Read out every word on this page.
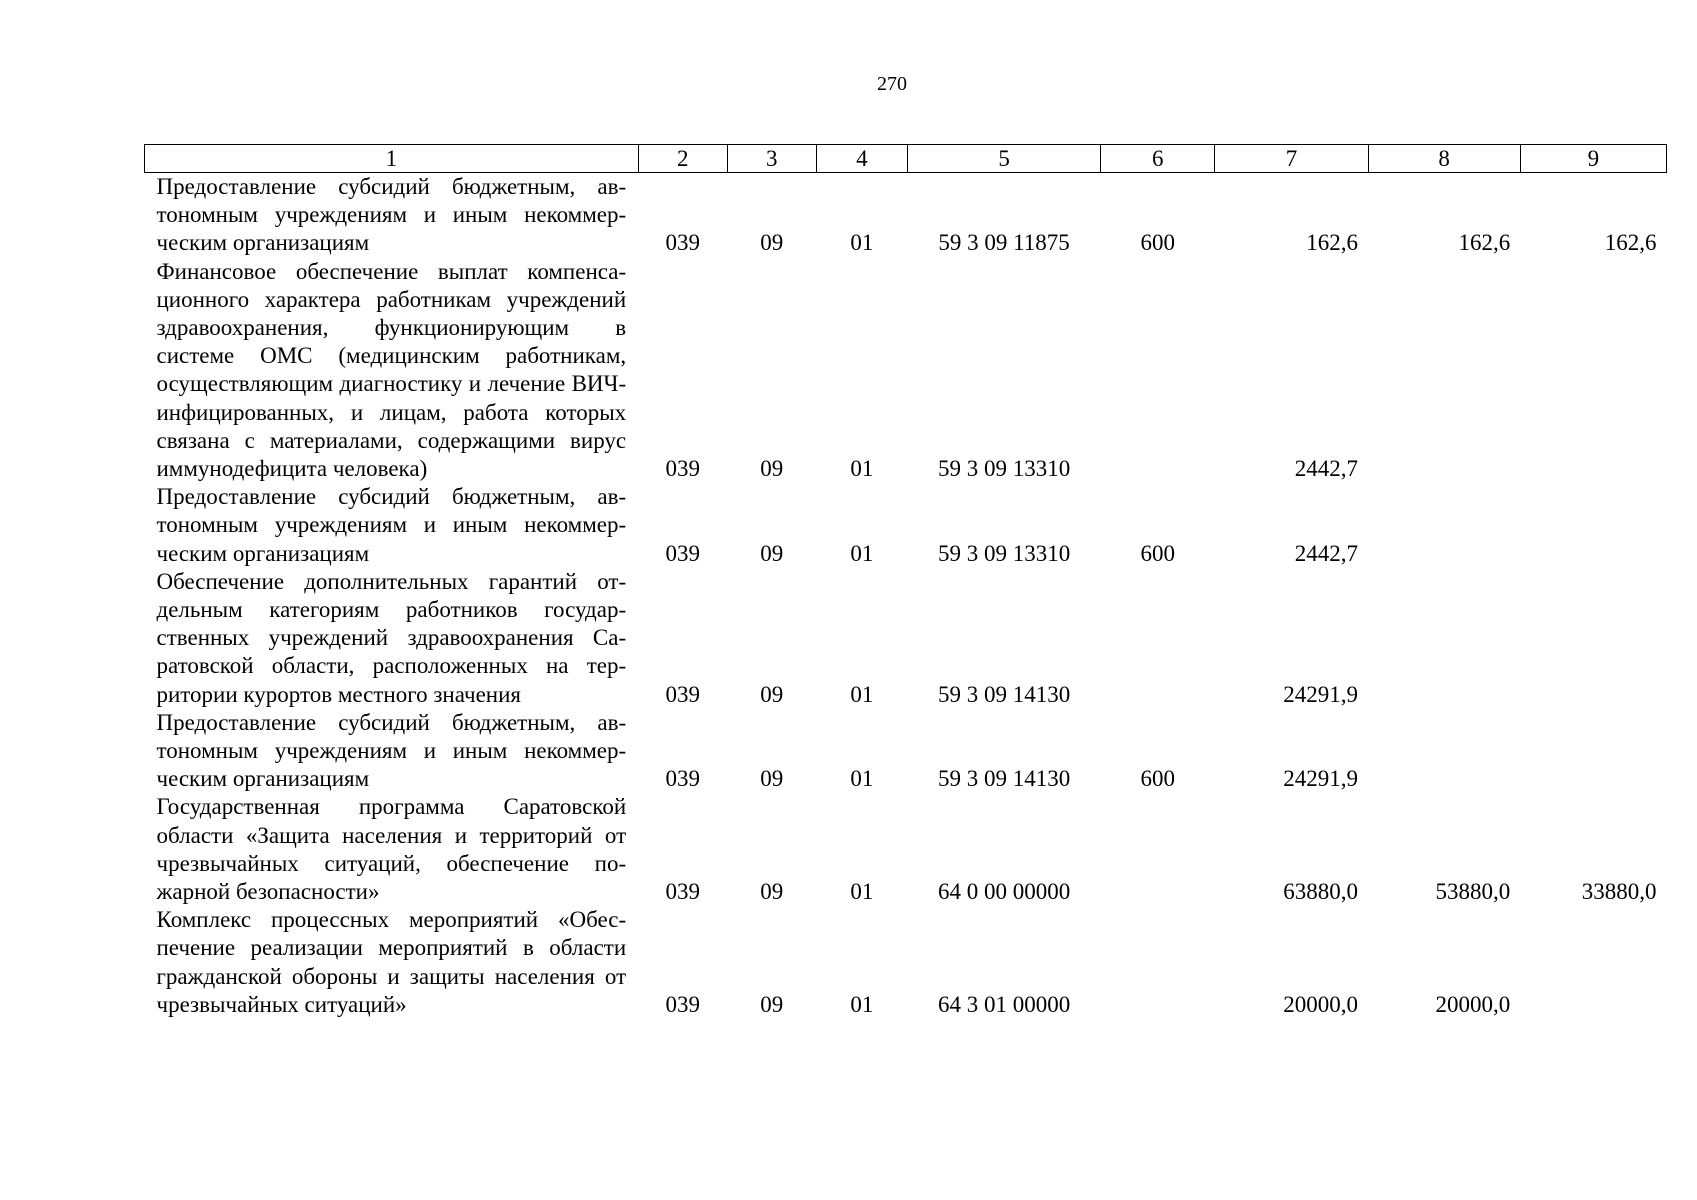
270
1	2	3	4	5	6	7	8	9
Предоставление субсидий бюджетным, автономным учреждениям и иным некоммерческим организациям	039	09	01	59 3 09 11875	600	162,6	162,6	162,6
Финансовое обеспечение выплат компенсационного характера работникам учреждений здравоохранения, функционирующим в системе ОМС (медицинским работникам, осуществляющим диагностику и лечение ВИЧ-инфицированных, и лицам, работа которых связана с материалами, содержащими вирус иммунодефицита человека)	039	09	01	59 3 09 13310		2442,7		
Предоставление субсидий бюджетным, автономным учреждениям и иным некоммерческим организациям	039	09	01	59 3 09 13310	600	2442,7		
Обеспечение дополнительных гарантий отдельным категориям работников государственных учреждений здравоохранения Саратовской области, расположенных на территории курортов местного значения	039	09	01	59 3 09 14130		24291,9		
Предоставление субсидий бюджетным, автономным учреждениям и иным некоммерческим организациям	039	09	01	59 3 09 14130	600	24291,9		
Государственная программа Саратовской области «Защита населения и территорий от чрезвычайных ситуаций, обеспечение пожарной безопасности»	039	09	01	64 0 00 00000		63880,0	53880,0	33880,0
Комплекс процессных мероприятий «Обеспечение реализации мероприятий в области гражданской обороны и защиты населения от чрезвычайных ситуаций»	039	09	01	64 3 01 00000		20000,0	20000,0	
